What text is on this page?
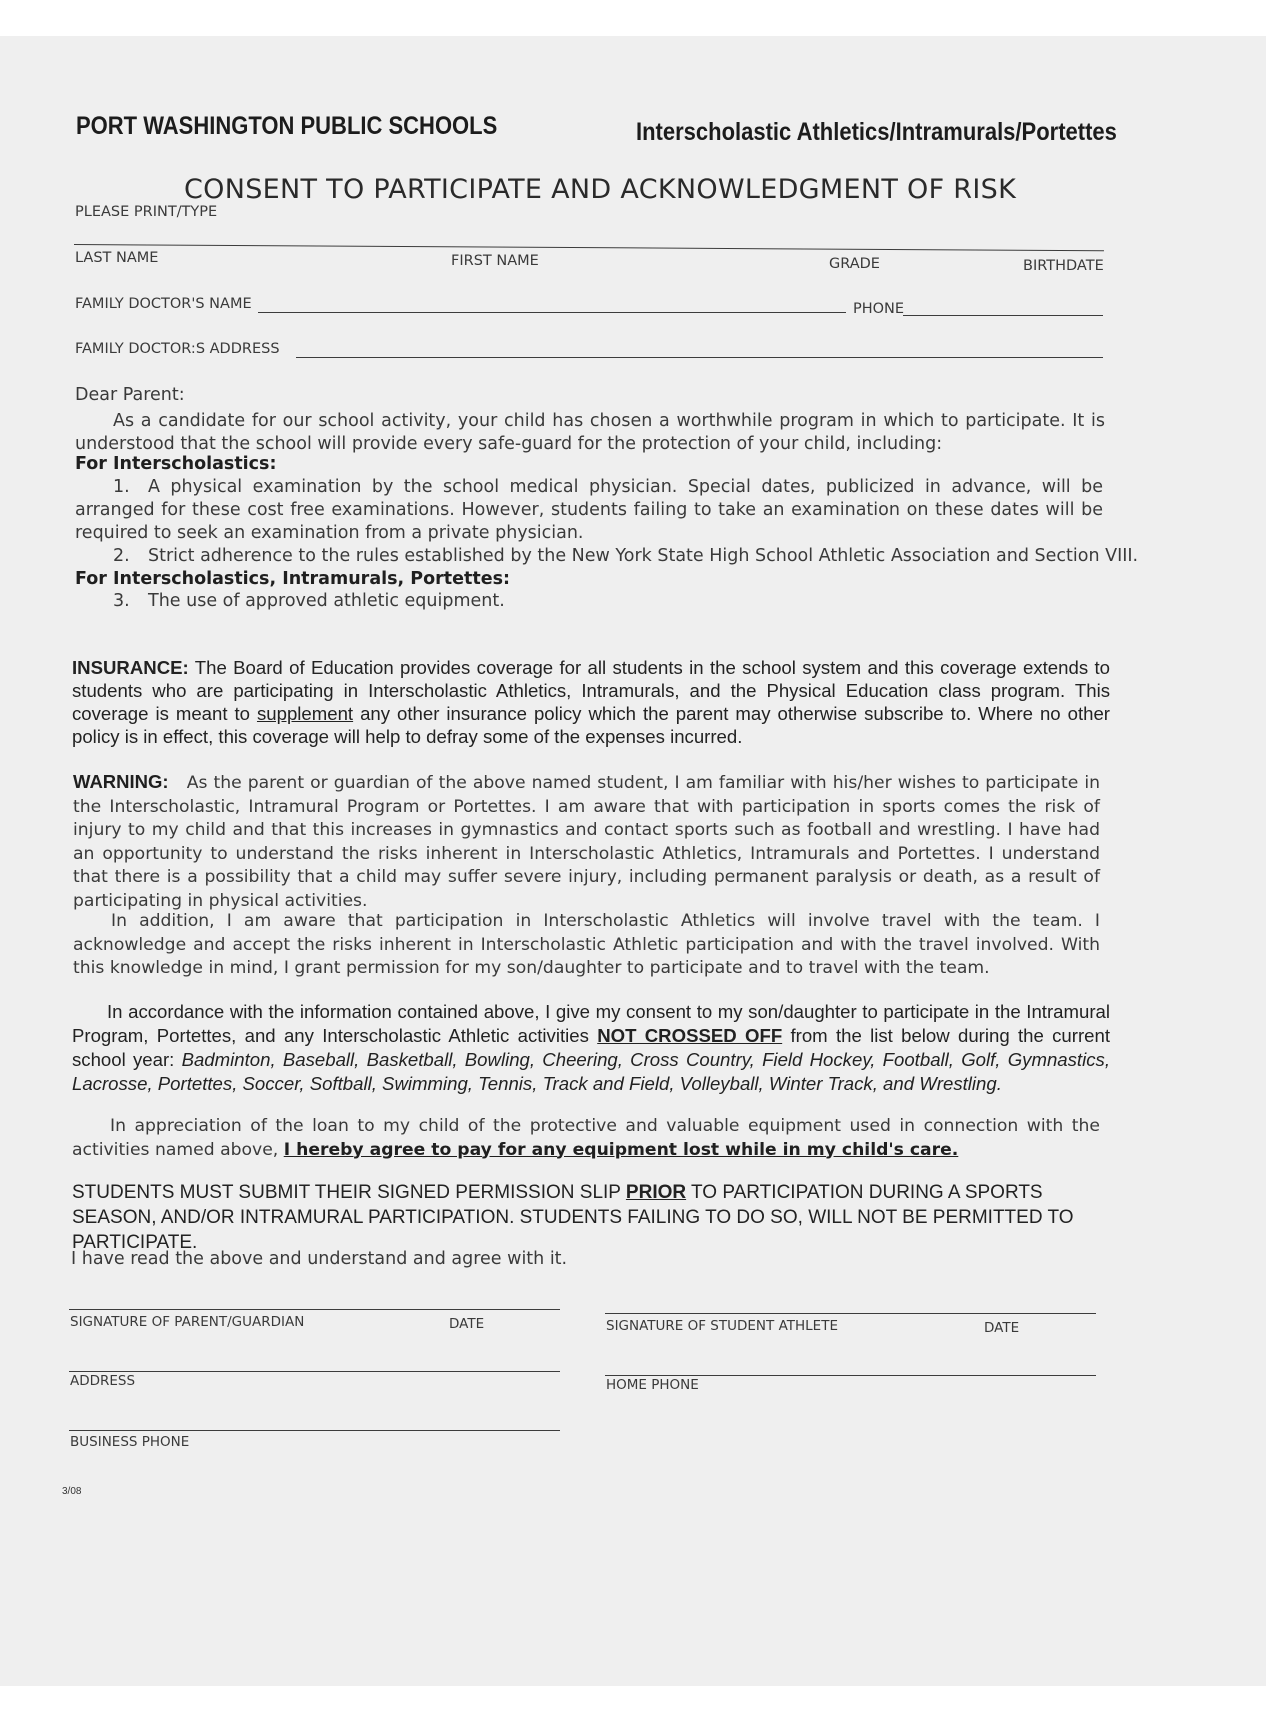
PORT WASHINGTON PUBLIC SCHOOLS	Interscholastic Athletics/Intramurals/Portettes
CONSENT TO PARTICIPATE AND ACKNOWLEDGMENT OF RISK
PLEASE PRINT/TYPE
LAST NAME	FIRST NAME	GRADE	BIRTHDATE
FAMILY DOCTOR'S NAME	PHONE
FAMILY DOCTOR:S ADDRESS
Dear Parent:
As a candidate for our school activity, your child has chosen a worthwhile program in which to participate. It is understood that the school will provide every safe-guard for the protection of your child, including:
For Interscholastics:
1.	A physical examination by the school medical physician. Special dates, publicized in advance, will be arranged for these cost free examinations. However, students failing to take an examination on these dates will be required to seek an examination from a private physician.
2. Strict adherence to the rules established by the New York State High School Athletic Association and Section VIII.
For Interscholastics, Intramurals, Portettes:
3. The use of approved athletic equipment.
INSURANCE: The Board of Education provides coverage for all students in the school system and this coverage extends to students who are participating in Interscholastic Athletics, Intramurals, and the Physical Education class program. This coverage is meant to supplement any other insurance policy which the parent may otherwise subscribe to. Where no other policy is in effect, this coverage will help to defray some of the expenses incurred.
WARNING: As the parent or guardian of the above named student, I am familiar with his/her wishes to participate in the Interscholastic, Intramural Program or Portettes. I am aware that with participation in sports comes the risk of injury to my child and that this increases in gymnastics and contact sports such as football and wrestling. I have had an opportunity to understand the risks inherent in Interscholastic Athletics, Intramurals and Portettes. I understand that there is a possibility that a child may suffer severe injury, including permanent paralysis or death, as a result of participating in physical activities.
In addition, I am aware that participation in Interscholastic Athletics will involve travel with the team. I acknowledge and accept the risks inherent in Interscholastic Athletic participation and with the travel involved. With this knowledge in mind, I grant permission for my son/daughter to participate and to travel with the team.
In accordance with the information contained above, I give my consent to my son/daughter to participate in the Intramural Program, Portettes, and any Interscholastic Athletic activities NOT CROSSED OFF from the list below during the current school year: Badminton, Baseball, Basketball, Bowling, Cheering, Cross Country, Field Hockey, Football, Golf, Gymnastics, Lacrosse, Portettes, Soccer, Softball, Swimming, Tennis, Track and Field, Volleyball, Winter Track, and Wrestling.
In appreciation of the loan to my child of the protective and valuable equipment used in connection with the activities named above, I hereby agree to pay for any equipment lost while in my child's care.
STUDENTS MUST SUBMIT THEIR SIGNED PERMISSION SLIP PRIOR TO PARTICIPATION DURING A SPORTS SEASON, AND/OR INTRAMURAL PARTICIPATION. STUDENTS FAILING TO DO SO, WILL NOT BE PERMITTED TO PARTICIPATE.
I have read the above and understand and agree with it.
SIGNATURE OF PARENT/GUARDIAN	DATE	SIGNATURE OF STUDENT ATHLETE	DATE
ADDRESS	HOME PHONE
BUSINESS PHONE
3/08
